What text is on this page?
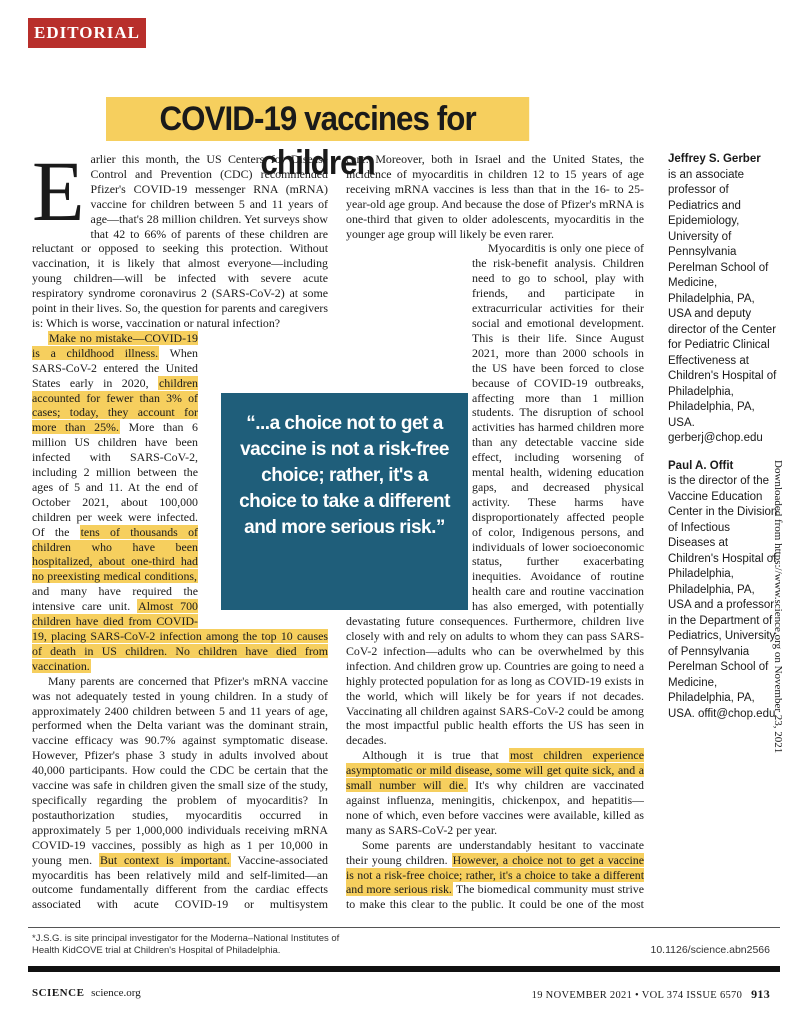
EDITORIAL
COVID-19 vaccines for children
E arlier this month, the US Centers for Disease Control and Prevention (CDC) recommended Pfizer's COVID-19 messenger RNA (mRNA) vaccine for children between 5 and 11 years of age—that's 28 million children. Yet surveys show that 42 to 66% of parents of these children are reluctant or opposed to seeking this protection. Without vaccination, it is likely that almost everyone—including young children—will be infected with severe acute respiratory syndrome coronavirus 2 (SARS-CoV-2) at some point in their lives. So, the question for parents and caregivers is: Which is worse, vaccination or natural infection?

Make no mistake—COVID-19 is a childhood illness. When SARS-CoV-2 entered the United States early in 2020, children accounted for fewer than 3% of cases; today, they account for more than 25%. More than 6 million US children have been infected with SARS-CoV-2, including 2 million between the ages of 5 and 11. At the end of October 2021, about 100,000 children per week were infected. Of the tens of thousands of children who have been hospitalized, about one-third had no preexisting medical conditions, and many have required the intensive care unit. Almost 700 children have died from COVID-19, placing SARS-CoV-2 infection among the top 10 causes of death in US children. No children have died from vaccination.

Many parents are concerned that Pfizer's mRNA vaccine was not adequately tested in young children. In a study of approximately 2400 children between 5 and 11 years of age, performed when the Delta variant was the dominant strain, vaccine efficacy was 90.7% against symptomatic disease. However, Pfizer's phase 3 study in adults involved about 40,000 participants. How could the CDC be certain that the vaccine was safe in children given the small size of the study, specifically regarding the problem of myocarditis? In postauthorization studies, myocarditis occurred in approximately 5 per 1,000,000 individuals receiving mRNA COVID-19 vaccines, possibly as high as 1 per 10,000 in young men. But context is important. Vaccine-associated myocarditis has been relatively mild and self-limited—an outcome fundamentally different from the cardiac effects associated with acute COVID-19 or multisystem

care. Moreover, both in Israel and the United States, the incidence of myocarditis in children 12 to 15 years of age receiving mRNA vaccines is less than that in the 16- to 25-year-old age group. And because the dose of Pfizer's mRNA is one-third that given to older adolescents, myocarditis in the younger age group will likely be even rarer.

Myocarditis is only one piece of the risk-benefit analysis. Children need to go to school, play with friends, and participate in extracurricular activities for their social and emotional development. This is their life. Since August 2021, more than 2000 schools in the US have been forced to close because of COVID-19 outbreaks, affecting more than 1 million students. The disruption of school activities has harmed children more than any detectable vaccine side effect, including worsening of mental health, widening education gaps, and decreased physical activity. These harms have disproportionately affected people of color, Indigenous persons, and individuals of lower socioeconomic status, further exacerbating inequities. Avoidance of routine health care and routine vaccination has also emerged, with potentially devastating future consequences. Furthermore, children live closely with and rely on adults to whom they can pass SARS-CoV-2 infection—adults who can be overwhelmed by this infection. And children grow up. Countries are going to need a highly protected population for as long as COVID-19 exists in the world, which will likely be for years if not decades. Vaccinating all children against SARS-CoV-2 could be among the most impactful public health efforts the US has seen in decades.

Although it is true that most children experience asymptomatic or mild disease, some will get quite sick, and a small number will die. It's why children are vaccinated against influenza, meningitis, chickenpox, and hepatitis—none of which, even before vaccines were available, killed as many as SARS-CoV-2 per year.

Some parents are understandably hesitant to vaccinate their young children. However, a choice not to get a vaccine is not a risk-free choice; rather, it's a choice to take a different and more serious risk. The biomedical community must strive to make this clear to the public. It could be one of the most

“...a choice not to get a vaccine is not a risk-free choice; rather, it's a choice to take a different and more serious risk.”
Jeffrey S. Gerber
is an associate professor of Pediatrics and Epidemiology, University of Pennsylvania Perelman School of Medicine, Philadelphia, PA, USA and deputy director of the Center for Pediatric Clinical Effectiveness at Children's Hospital of Philadelphia, Philadelphia, PA, USA. gerberj@chop.edu
Paul A. Offit
is the director of the Vaccine Education Center in the Division of Infectious Diseases at Children's Hospital of Philadelphia, Philadelphia, PA, USA and a professor in the Department of Pediatrics, University of Pennsylvania Perelman School of Medicine, Philadelphia, PA, USA. offit@chop.edu
Downloaded from https://www.science.org on November 23, 2021
*J.S.G. is site principal investigator for the Moderna–National Institutes of Health KidCOVE trial at Children's Hospital of Philadelphia.	10.1126/science.abn2566
SCIENCE science.org	19 NOVEMBER 2021 • VOL 374 ISSUE 6570 913
